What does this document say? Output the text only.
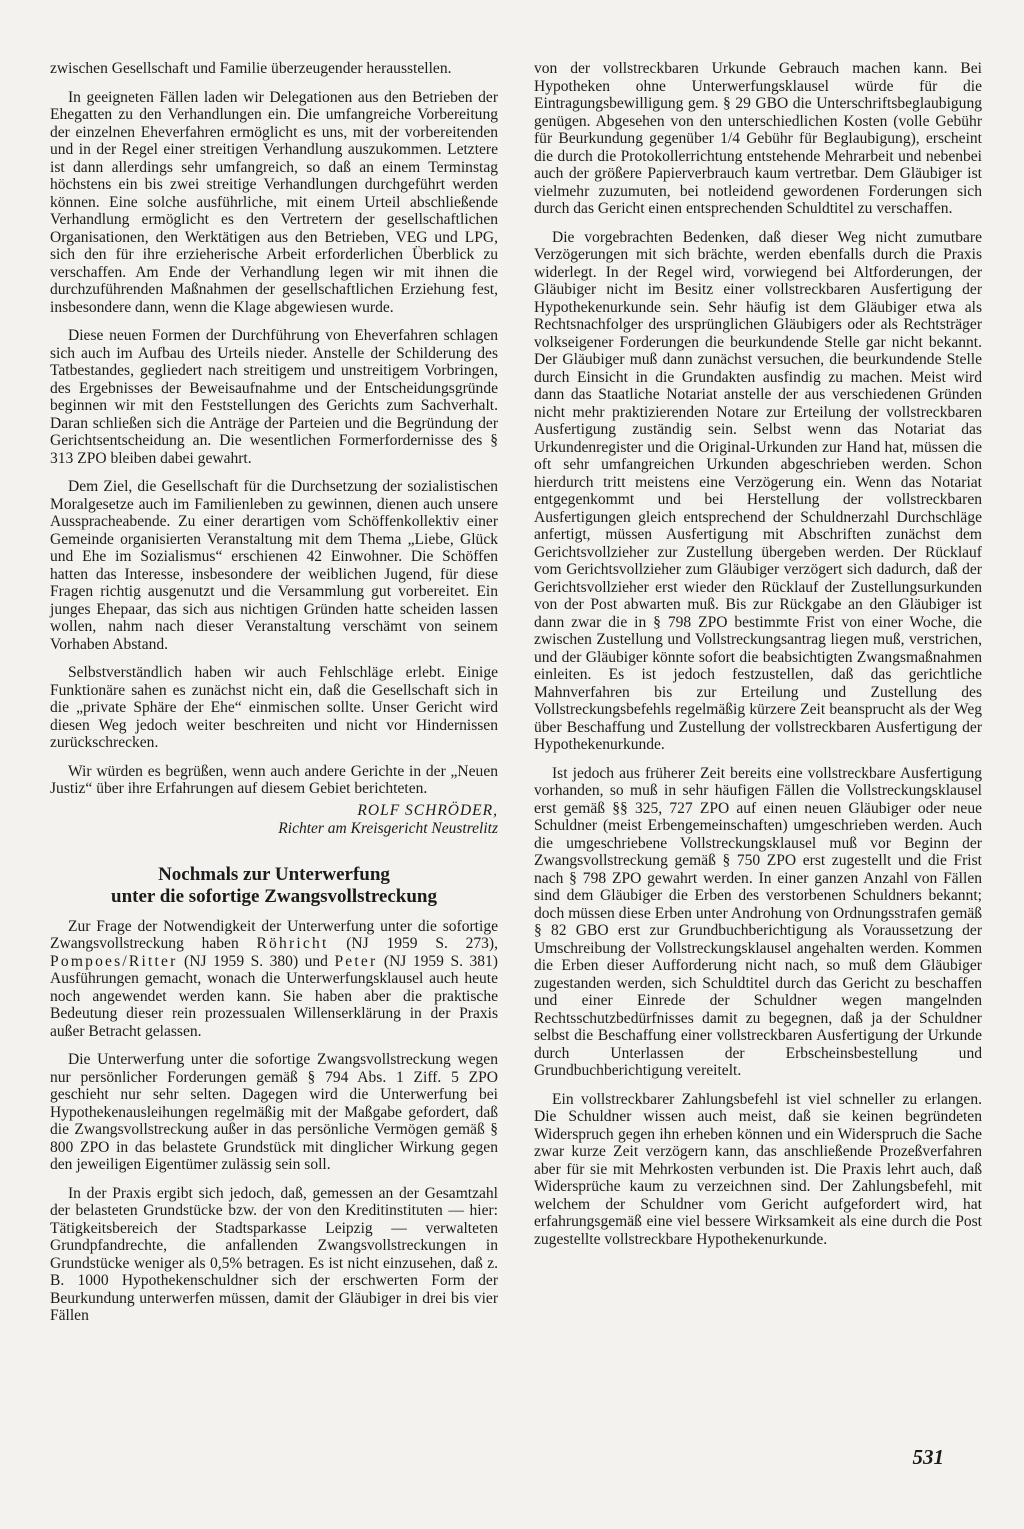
zwischen Gesellschaft und Familie überzeugender herausstellen.

In geeigneten Fällen laden wir Delegationen aus den Betrieben der Ehegatten zu den Verhandlungen ein. Die umfangreiche Vorbereitung der einzelnen Eheverfahren ermöglicht es uns, mit der vorbereitenden und in der Regel einer streitigen Verhandlung auszukommen. Letztere ist dann allerdings sehr umfangreich, so daß an einem Terminstag höchstens ein bis zwei streitige Verhandlungen durchgeführt werden können. Eine solche ausführliche, mit einem Urteil abschließende Verhandlung ermöglicht es den Vertretern der gesellschaftlichen Organisationen, den Werktätigen aus den Betrieben, VEG und LPG, sich den für ihre erzieherische Arbeit erforderlichen Überblick zu verschaffen. Am Ende der Verhandlung legen wir mit ihnen die durchzuführenden Maßnahmen der gesellschaftlichen Erziehung fest, insbesondere dann, wenn die Klage abgewiesen wurde.

Diese neuen Formen der Durchführung von Eheverfahren schlagen sich auch im Aufbau des Urteils nieder. Anstelle der Schilderung des Tatbestandes, gegliedert nach streitigem und unstreitigem Vorbringen, des Ergebnisses der Beweisaufnahme und der Entscheidungsgründe beginnen wir mit den Feststellungen des Gerichts zum Sachverhalt. Daran schließen sich die Anträge der Parteien und die Begründung der Gerichtsentscheidung an. Die wesentlichen Formerfordernisse des § 313 ZPO bleiben dabei gewahrt.

Dem Ziel, die Gesellschaft für die Durchsetzung der sozialistischen Moralgesetze auch im Familienleben zu gewinnen, dienen auch unsere Ausspracheabende. Zu einer derartigen vom Schöffenkollektiv einer Gemeinde organisierten Veranstaltung mit dem Thema „Liebe, Glück und Ehe im Sozialismus“ erschienen 42 Einwohner. Die Schöffen hatten das Interesse, insbesondere der weiblichen Jugend, für diese Fragen richtig ausgenutzt und die Versammlung gut vorbereitet. Ein junges Ehepaar, das sich aus nichtigen Gründen hatte scheiden lassen wollen, nahm nach dieser Veranstaltung verschämt von seinem Vorhaben Abstand.

Selbstverständlich haben wir auch Fehlschläge erlebt. Einige Funktionäre sahen es zunächst nicht ein, daß die Gesellschaft sich in die „private Sphäre der Ehe“ einmischen sollte. Unser Gericht wird diesen Weg jedoch weiter beschreiten und nicht vor Hindernissen zurückschrecken.

Wir würden es begrüßen, wenn auch andere Gerichte in der „Neuen Justiz“ über ihre Erfahrungen auf diesem Gebiet berichteten.

ROLF SCHRÖDER,
Richter am Kreisgericht Neustrelitz
Nochmals zur Unterwerfung
unter die sofortige Zwangsvollstreckung

Zur Frage der Notwendigkeit der Unterwerfung unter die sofortige Zwangsvollstreckung haben Röhricht (NJ 1959 S. 273), Pompoes/Ritter (NJ 1959 S. 380) und Peter (NJ 1959 S. 381) Ausführungen gemacht, wonach die Unterwerfungsklausel auch heute noch angewendet werden kann. Sie haben aber die praktische Bedeutung dieser rein prozessualen Willenserklärung in der Praxis außer Betracht gelassen.

Die Unterwerfung unter die sofortige Zwangsvollstreckung wegen nur persönlicher Forderungen gemäß § 794 Abs. 1 Ziff. 5 ZPO geschieht nur sehr selten. Dagegen wird die Unterwerfung bei Hypothekenausleihungen regelmäßig mit der Maßgabe gefordert, daß die Zwangsvollstreckung außer in das persönliche Vermögen gemäß § 800 ZPO in das belastete Grundstück mit dinglicher Wirkung gegen den jeweiligen Eigentümer zulässig sein soll.

In der Praxis ergibt sich jedoch, daß, gemessen an der Gesamtzahl der belasteten Grundstücke bzw. der von den Kreditinstituten — hier: Tätigkeitsbereich der Stadtsparkasse Leipzig — verwalteten Grundpfandrechte, die anfallenden Zwangsvollstreckungen in Grundstücke weniger als 0,5% betragen. Es ist nicht einzusehen, daß z. B. 1000 Hypothekenschuldner sich der erschwerten Form der Beurkundung unterwerfen müssen, damit der Gläubiger in drei bis vier Fällen

von der vollstreckbaren Urkunde Gebrauch machen kann. Bei Hypotheken ohne Unterwerfungsklausel würde für die Eintragungsbewilligung gem. § 29 GBO die Unterschriftsbeglaubigung genügen. Abgesehen von den unterschiedlichen Kosten (volle Gebühr für Beurkundung gegenüber 1/4 Gebühr für Beglaubigung), erscheint die durch die Protokollerrichtung entstehende Mehrarbeit und nebenbei auch der größere Papierverbrauch kaum vertretbar. Dem Gläubiger ist vielmehr zuzumuten, bei notleidend gewordenen Forderungen sich durch das Gericht einen entsprechenden Schuldtitel zu verschaffen.

Die vorgebrachten Bedenken, daß dieser Weg nicht zumutbare Verzögerungen mit sich brächte, werden ebenfalls durch die Praxis widerlegt. In der Regel wird, vorwiegend bei Altforderungen, der Gläubiger nicht im Besitz einer vollstreckbaren Ausfertigung der Hypothekenurkunde sein. Sehr häufig ist dem Gläubiger etwa als Rechtsnachfolger des ursprünglichen Gläubigers oder als Rechtsträger volkseigener Forderungen die beurkundende Stelle gar nicht bekannt. Der Gläubiger muß dann zunächst versuchen, die beurkundende Stelle durch Einsicht in die Grundakten ausfindig zu machen. Meist wird dann das Staatliche Notariat anstelle der aus verschiedenen Gründen nicht mehr praktizierenden Notare zur Erteilung der vollstreckbaren Ausfertigung zuständig sein. Selbst wenn das Notariat das Urkundenregister und die Original-Urkunden zur Hand hat, müssen die oft sehr umfangreichen Urkunden abgeschrieben werden. Schon hierdurch tritt meistens eine Verzögerung ein. Wenn das Notariat entgegenkommt und bei Herstellung der vollstreckbaren Ausfertigungen gleich entsprechend der Schuldnerzahl Durchschläge anfertigt, müssen Ausfertigung mit Abschriften zunächst dem Gerichtsvollzieher zur Zustellung übergeben werden. Der Rücklauf vom Gerichtsvollzieher zum Gläubiger verzögert sich dadurch, daß der Gerichtsvollzieher erst wieder den Rücklauf der Zustellungsurkunden von der Post abwarten muß. Bis zur Rückgabe an den Gläubiger ist dann zwar die in § 798 ZPO bestimmte Frist von einer Woche, die zwischen Zustellung und Vollstreckungsantrag liegen muß, verstrichen, und der Gläubiger könnte sofort die beabsichtigten Zwangsmaßnahmen einleiten. Es ist jedoch festzustellen, daß das gerichtliche Mahnverfahren bis zur Erteilung und Zustellung des Vollstreckungsbefehls regelmäßig kürzere Zeit beansprucht als der Weg über Beschaffung und Zustellung der vollstreckbaren Ausfertigung der Hypothekenurkunde.

Ist jedoch aus früherer Zeit bereits eine vollstreckbare Ausfertigung vorhanden, so muß in sehr häufigen Fällen die Vollstreckungsklausel erst gemäß §§ 325, 727 ZPO auf einen neuen Gläubiger oder neue Schuldner (meist Erbengemeinschaften) umgeschrieben werden. Auch die umgeschriebene Vollstreckungsklausel muß vor Beginn der Zwangsvollstreckung gemäß § 750 ZPO erst zugestellt und die Frist nach § 798 ZPO gewahrt werden. In einer ganzen Anzahl von Fällen sind dem Gläubiger die Erben des verstorbenen Schuldners bekannt; doch müssen diese Erben unter Androhung von Ordnungsstrafen gemäß § 82 GBO erst zur Grundbuchberichtigung als Voraussetzung der Umschreibung der Vollstreckungsklausel angehalten werden. Kommen die Erben dieser Aufforderung nicht nach, so muß dem Gläubiger zugestanden werden, sich Schuldtitel durch das Gericht zu beschaffen und einer Einrede der Schuldner wegen mangelnden Rechtsschutzbedürfnisses damit zu begegnen, daß ja der Schuldner selbst die Beschaffung einer vollstreckbaren Ausfertigung der Urkunde durch Unterlassen der Erbscheinsbestellung und Grundbuchberichtigung vereitelt.

Ein vollstreckbarer Zahlungsbefehl ist viel schneller zu erlangen. Die Schuldner wissen auch meist, daß sie keinen begründeten Widerspruch gegen ihn erheben können und ein Widerspruch die Sache zwar kurze Zeit verzögern kann, das anschließende Prozeßverfahren aber für sie mit Mehrkosten verbunden ist. Die Praxis lehrt auch, daß Widersprüche kaum zu verzeichnen sind. Der Zahlungsbefehl, mit welchem der Schuldner vom Gericht aufgefordert wird, hat erfahrungsgemäß eine viel bessere Wirksamkeit als eine durch die Post zugestellte vollstreckbare Hypothekenurkunde.

531
